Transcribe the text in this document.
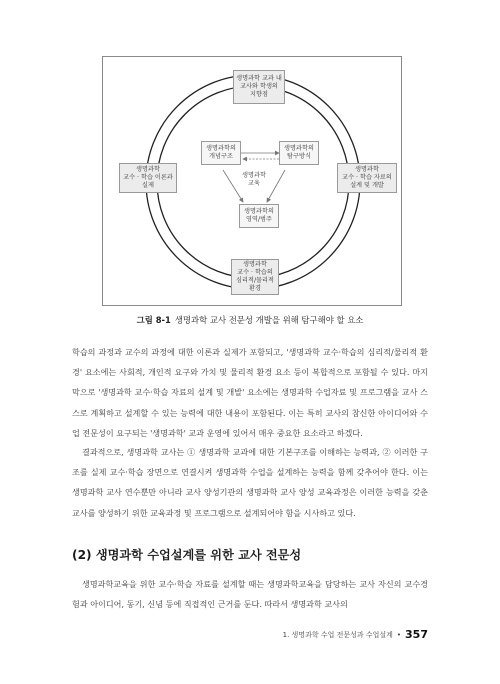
생명과학 교과 내
교사와 학생의
지향점
생명과학
교수 · 학습 이론과
실제
생명과학
교수 · 학습 자료의
설계 및 개발
생명과학
교수 · 학습의
심리적/물리적
환경
생명과학의
개념구조
생명과학의
탐구방식
생명과학의
영역/범주
생명과학
교육
그림 8-1 생명과학 교사 전문성 개발을 위해 탐구해야 할 요소
학습의 과정과 교수의 과정에 대한 이론과 실제가 포함되고, '생명과학 교수·학습의 심리적/물리적 환경' 요소에는 사회적, 개인적 요구와 가치 및 물리적 환경 요소 등이 복합적으로 포함될 수 있다. 마지막으로 '생명과학 교수·학습 자료의 설계 및 개발' 요소에는 생명과학 수업자료 및 프로그램을 교사 스스로 계획하고 설계할 수 있는 능력에 대한 내용이 포함된다. 이는 특히 교사의 참신한 아이디어와 수업 전문성이 요구되는 '생명과학' 교과 운영에 있어서 매우 중요한 요소라고 하겠다.
결과적으로, 생명과학 교사는 ① 생명과학 교과에 대한 기본구조를 이해하는 능력과, ② 이러한 구조를 실제 교수·학습 장면으로 연결시켜 생명과학 수업을 설계하는 능력을 함께 갖추어야 한다. 이는 생명과학 교사 연수뿐만 아니라 교사 양성기관의 생명과학 교사 양성 교육과정은 이러한 능력을 갖춘 교사를 양성하기 위한 교육과정 및 프로그램으로 설계되어야 함을 시사하고 있다.
(2) 생명과학 수업설계를 위한 교사 전문성
생명과학교육을 위한 교수·학습 자료를 설계할 때는 생명과학교육을 담당하는 교사 자신의 교수경험과 아이디어, 동기, 신념 등에 직접적인 근거를 둔다. 따라서 생명과학 교사의
1. 생명과학 수업 전문성과 수업설계 • 357
